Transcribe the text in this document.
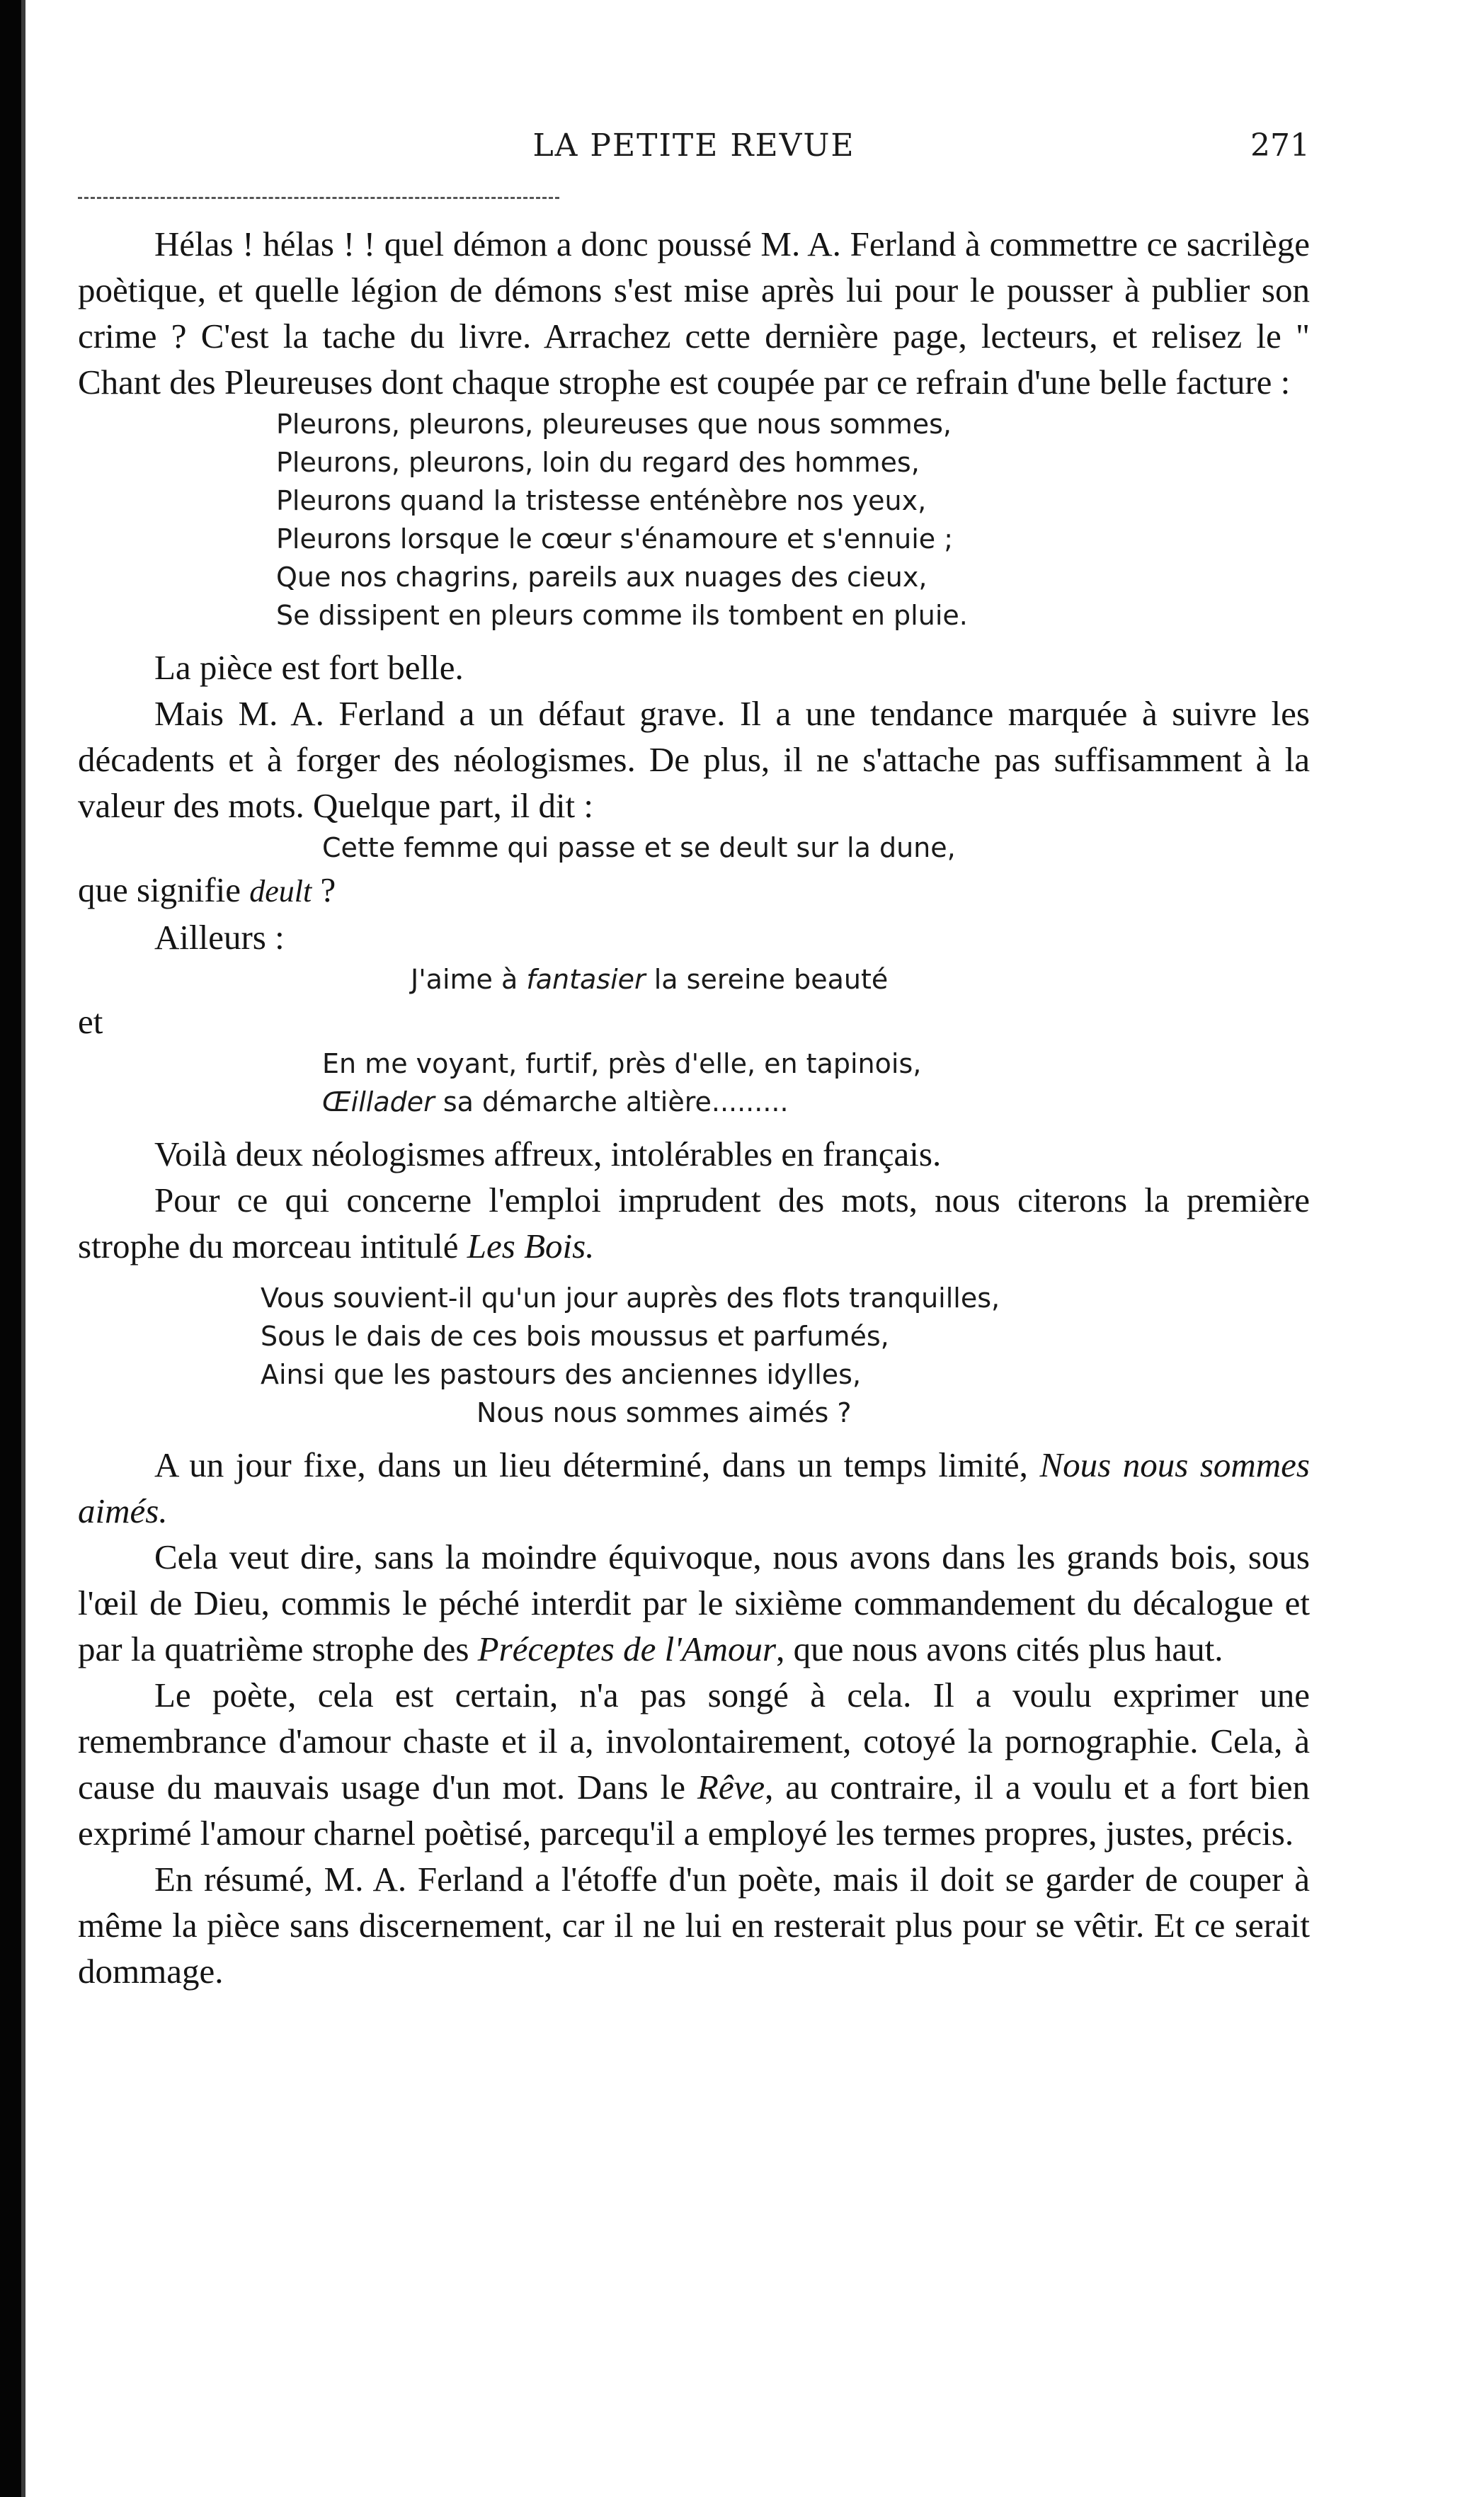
LA PETITE REVUE	271

Hélas ! hélas ! ! quel démon a donc poussé M. A. Ferland à commettre ce sacrilège poètique, et quelle légion de démons s'est mise après lui pour le pousser à publier son crime ? C'est la tache du livre. Arrachez cette dernière page, lecteurs, et relisez le " Chant des Pleureuses dont chaque strophe est coupée par ce refrain d'une belle facture :

Pleurons, pleurons, pleureuses que nous sommes,
Pleurons, pleurons, loin du regard des hommes,
Pleurons quand la tristesse enténèbre nos yeux,
Pleurons lorsque le cœur s'énamoure et s'ennuie ;
Que nos chagrins, pareils aux nuages des cieux,
Se dissipent en pleurs comme ils tombent en pluie.

La pièce est fort belle.

Mais M. A. Ferland a un défaut grave. Il a une tendance marquée à suivre les décadents et à forger des néologismes. De plus, il ne s'attache pas suffisamment à la valeur des mots. Quelque part, il dit :

Cette femme qui passe et se deult sur la dune,

que signifie deult ?

Ailleurs :

J'aime à fantasier la sereine beauté

et

En me voyant, furtif, près d'elle, en tapinois,
Œillader sa démarche altière.........

Voilà deux néologismes affreux, intolérables en français.

Pour ce qui concerne l'emploi imprudent des mots, nous citerons la première strophe du morceau intitulé Les Bois.

Vous souvient-il qu'un jour auprès des flots tranquilles,
Sous le dais de ces bois moussus et parfumés,
Ainsi que les pastours des anciennes idylles,
Nous nous sommes aimés ?

A un jour fixe, dans un lieu déterminé, dans un temps limité, Nous nous sommes aimés.

Cela veut dire, sans la moindre équivoque, nous avons dans les grands bois, sous l'œil de Dieu, commis le péché interdit par le sixième commandement du décalogue et par la quatrième strophe des Préceptes de l'Amour, que nous avons cités plus haut.

Le poète, cela est certain, n'a pas songé à cela. Il a voulu exprimer une remembrance d'amour chaste et il a, involontairement, cotoyé la pornographie. Cela, à cause du mauvais usage d'un mot. Dans le Rêve, au contraire, il a voulu et a fort bien exprimé l'amour charnel poètisé, parcequ'il a employé les termes propres, justes, précis.

En résumé, M. A. Ferland a l'étoffe d'un poète, mais il doit se garder de couper à même la pièce sans discernement, car il ne lui en resterait plus pour se vêtir. Et ce serait dommage.
